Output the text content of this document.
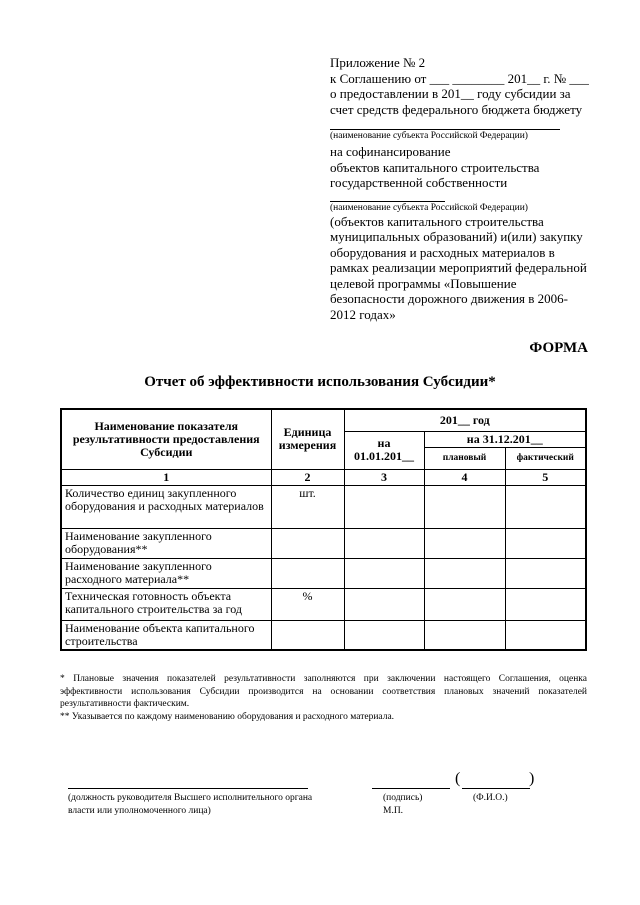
Приложение № 2
к Соглашению от ___ ________ 201__ г. № ___
о предоставлении в 201__ году субсидии за
счет средств федерального бюджета бюджету
(наименование субъекта Российской Федерации)
на софинансирование
объектов капитального строительства
государственной собственности
(наименование субъекта Российской Федерации)
(объектов капитального строительства
муниципальных образований) и(или) закупку
оборудования и расходных материалов в
рамках реализации мероприятий федеральной
целевой программы «Повышение
безопасности дорожного движения в 2006-
2012 годах»
ФОРМА
Отчет об эффективности использования Субсидии*
Наименование показателя результативности предоставления Субсидии	Единица измерения	201__ год		
		на 01.01.201__	на 31.12.201__	
			плановый	фактический
1	2	3	4	5
Количество единиц закупленного оборудования и расходных материалов	шт.			
Наименование закупленного оборудования**				
Наименование закупленного расходного материала**				
Техническая готовность объекта капитального строительства за год	%			
Наименование объекта капитального строительства				
* Плановые значения показателей результативности заполняются при заключении настоящего Соглашения, оценка эффективности использования Субсидии производится на основании соответствия плановых значений показателей результативности фактическим.
** Указывается по каждому наименованию оборудования и расходного материала.
(должность руководителя Высшего исполнительного органа власти или уполномоченного лица)
(подпись)
М.П.
(	)
(Ф.И.О.)
